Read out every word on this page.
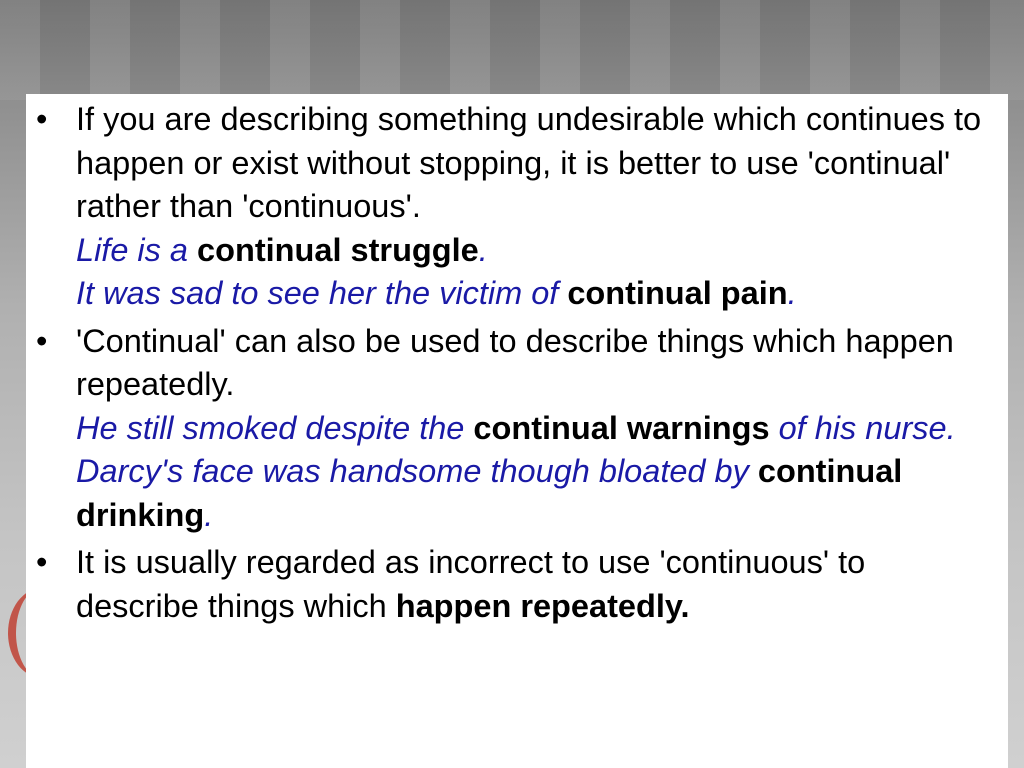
• If you are describing something undesirable which continues to happen or exist without stopping, it is better to use 'continual' rather than 'continuous'.
Life is a continual struggle.
It was sad to see her the victim of continual pain.
• 'Continual' can also be used to describe things which happen repeatedly.
He still smoked despite the continual warnings of his nurse.
Darcy's face was handsome though bloated by continual drinking.
• It is usually regarded as incorrect to use 'continuous' to describe things which happen repeatedly.
